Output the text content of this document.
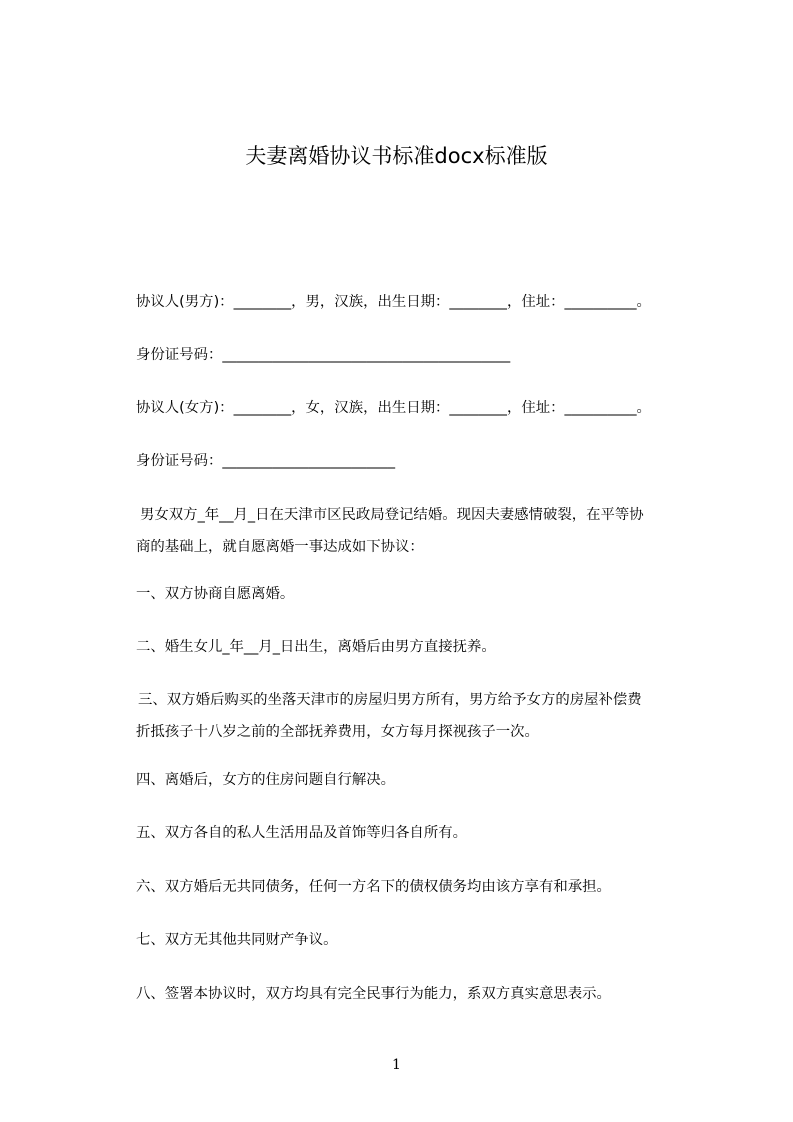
夫妻离婚协议书标准docx标准版
协议人(男方)：________，男，汉族，出生日期：________，住址：__________。
身份证号码：________________________________________
协议人(女方)：________，女，汉族，出生日期：________，住址：__________。
身份证号码：________________________
男女双方_年__月_日在天津市区民政局登记结婚。现因夫妻感情破裂，在平等协
商的基础上，就自愿离婚一事达成如下协议：
一、双方协商自愿离婚。
二、婚生女儿_年__月_日出生，离婚后由男方直接抚养。
三、双方婚后购买的坐落天津市的房屋归男方所有，男方给予女方的房屋补偿费
折抵孩子十八岁之前的全部抚养费用，女方每月探视孩子一次。
四、离婚后，女方的住房问题自行解决。
五、双方各自的私人生活用品及首饰等归各自所有。
六、双方婚后无共同债务，任何一方名下的债权债务均由该方享有和承担。
七、双方无其他共同财产争议。
八、签署本协议时，双方均具有完全民事行为能力，系双方真实意思表示。
1
